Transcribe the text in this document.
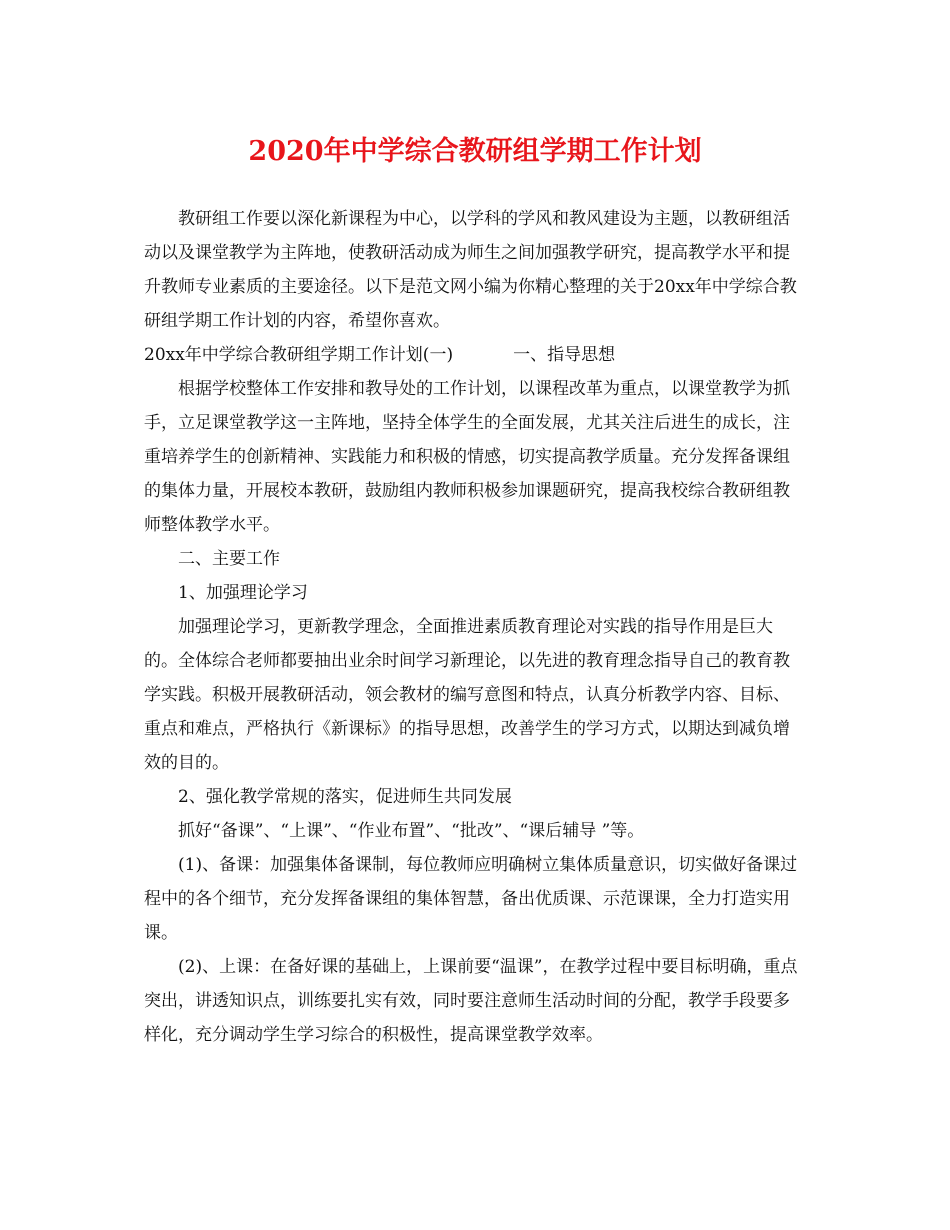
2020年中学综合教研组学期工作计划

教研组工作要以深化新课程为中心，以学科的学风和教风建设为主题，以教研组活动以及课堂教学为主阵地，使教研活动成为师生之间加强教学研究，提高教学水平和提升教师专业素质的主要途径。以下是范文网小编为你精心整理的关于20xx年中学综合教研组学期工作计划的内容，希望你喜欢。

20xx年中学综合教研组学期工作计划(一)	一、指导思想

根据学校整体工作安排和教导处的工作计划，以课程改革为重点，以课堂教学为抓手，立足课堂教学这一主阵地，坚持全体学生的全面发展，尤其关注后进生的成长，注重培养学生的创新精神、实践能力和积极的情感，切实提高教学质量。充分发挥备课组的集体力量，开展校本教研，鼓励组内教师积极参加课题研究，提高我校综合教研组教师整体教学水平。

二、主要工作

1、加强理论学习

加强理论学习，更新教学理念，全面推进素质教育理论对实践的指导作用是巨大的。全体综合老师都要抽出业余时间学习新理论，以先进的教育理念指导自己的教育教学实践。积极开展教研活动，领会教材的编写意图和特点，认真分析教学内容、目标、重点和难点，严格执行《新课标》的指导思想，改善学生的学习方式，以期达到减负增效的目的。

2、强化教学常规的落实，促进师生共同发展

抓好“备课”、“上课”、“作业布置”、“批改”、“课后辅导 ”等。

(1)、备课：加强集体备课制，每位教师应明确树立集体质量意识，切实做好备课过程中的各个细节，充分发挥备课组的集体智慧，备出优质课、示范课课，全力打造实用课。

(2)、上课：在备好课的基础上，上课前要“温课”，在教学过程中要目标明确，重点突出，讲透知识点，训练要扎实有效，同时要注意师生活动时间的分配，教学手段要多样化，充分调动学生学习综合的积极性，提高课堂教学效率。
